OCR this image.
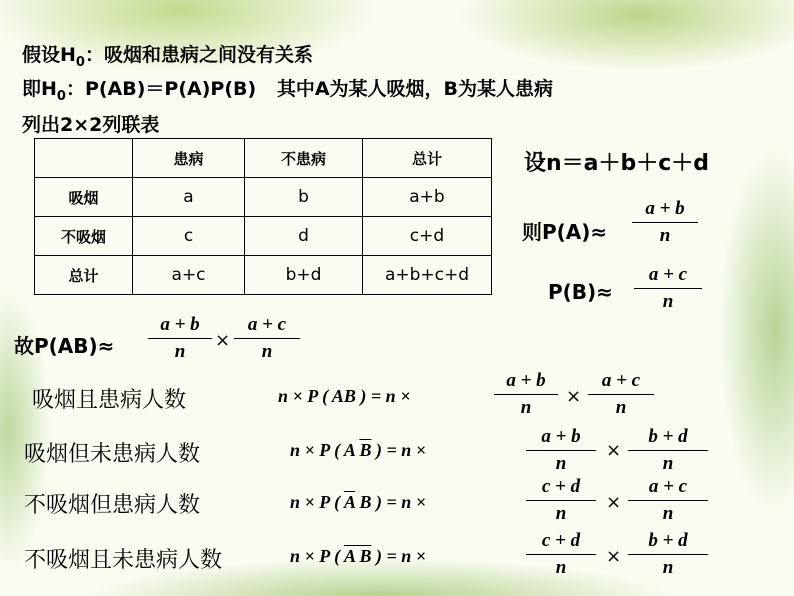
假设$H_0$：吸烟和患病之间没有关系
即$H_0$：P(AB)＝P(A)P(B) 其中A为某人吸烟，B为某人患病
列出2×2列联表
	患病	不患病	总计
吸烟	a	b	a+b
不吸烟	c	d	c+d
总计	a+c	b+d	a+b+c+d
设n＝a＋b＋c＋d
则$P(A)\approx \frac{a + b}{n}$
$P(B)\approx \frac{a + c}{n}$
故$P(AB)\approx \frac{a + b}{n} \times \frac{a + c}{n}$
吸烟且患病人数	n × P ( AB ) = n ×	$\frac{a + b}{n} \times \frac{a + c}{n}$
吸烟但未患病人数	n × P ( A $\overline{B}$ ) = n ×	$\frac{a + b}{n} \times \frac{b + d}{n}$
不吸烟但患病人数	n × P ( $\overline{A}$ B ) = n ×	$\frac{c + d}{n} \times \frac{a + c}{n}$
不吸烟且未患病人数	n × P ( A B ) = n ×	$\frac{c + d}{n} \times \frac{b + d}{n}$
